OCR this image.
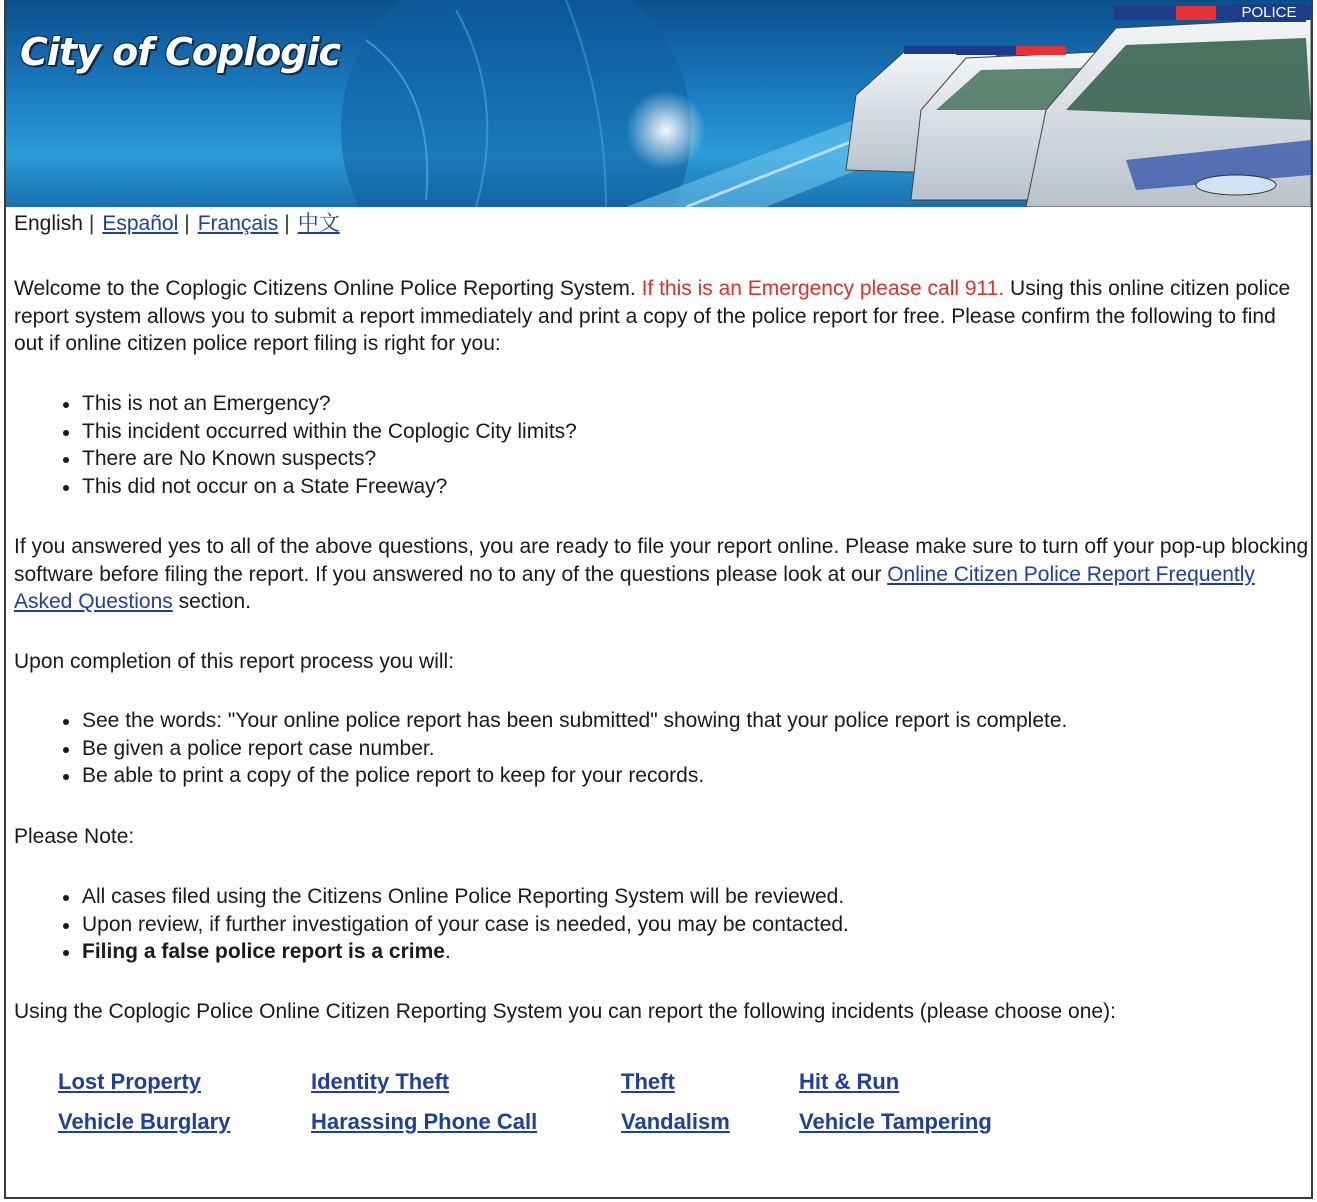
City of Coplogic
POLICE
English | Español | Français | 中文
Welcome to the Coplogic Citizens Online Police Reporting System. If this is an Emergency please call 911. Using this online citizen police report system allows you to submit a report immediately and print a copy of the police report for free. Please confirm the following to find out if online citizen police report filing is right for you:
This is not an Emergency?
This incident occurred within the Coplogic City limits?
There are No Known suspects?
This did not occur on a State Freeway?
If you answered yes to all of the above questions, you are ready to file your report online. Please make sure to turn off your pop-up blocking software before filing the report. If you answered no to any of the questions please look at our Online Citizen Police Report Frequently Asked Questions section.
Upon completion of this report process you will:
See the words: "Your online police report has been submitted" showing that your police report is complete.
Be given a police report case number.
Be able to print a copy of the police report to keep for your records.
Please Note:
All cases filed using the Citizens Online Police Reporting System will be reviewed.
Upon review, if further investigation of your case is needed, you may be contacted.
Filing a false police report is a crime.
Using the Coplogic Police Online Citizen Reporting System you can report the following incidents (please choose one):
Lost Property	Identity Theft	Theft	Hit & Run
Vehicle Burglary	Harassing Phone Call	Vandalism	Vehicle Tampering
